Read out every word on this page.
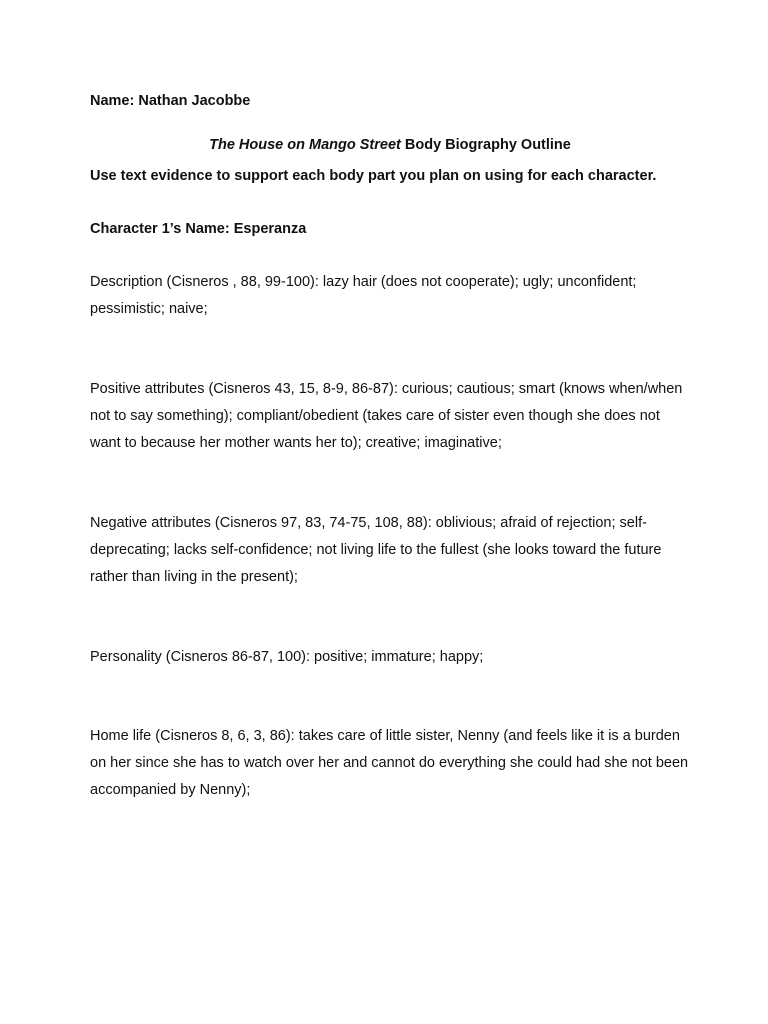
Name: Nathan Jacobbe

The House on Mango Street Body Biography Outline

Use text evidence to support each body part you plan on using for each character.

Character 1’s Name: Esperanza

Description (Cisneros , 88, 99-100): lazy hair (does not cooperate); ugly; unconfident; pessimistic; naive;

Positive attributes (Cisneros 43, 15, 8-9, 86-87): curious; cautious; smart (knows when/when not to say something); compliant/obedient (takes care of sister even though she does not want to because her mother wants her to); creative; imaginative;

Negative attributes (Cisneros 97, 83, 74-75, 108, 88): oblivious; afraid of rejection; self-deprecating; lacks self-confidence; not living life to the fullest (she looks toward the future rather than living in the present);

Personality (Cisneros 86-87, 100): positive; immature; happy;

Home life (Cisneros 8, 6, 3, 86): takes care of little sister, Nenny (and feels like it is a burden on her since she has to watch over her and cannot do everything she could had she not been accompanied by Nenny);
